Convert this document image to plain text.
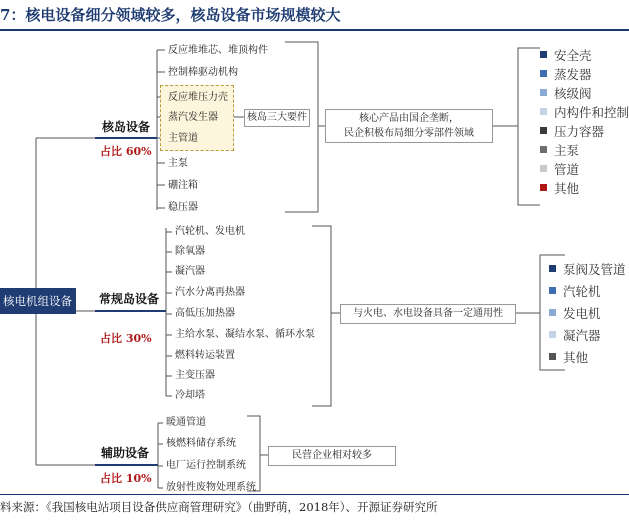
7：核电设备细分领域较多，核岛设备市场规模较大
核电机组设备
核岛设备
占比 60%
常规岛设备
占比 30%
辅助设备
占比 10%
反应堆堆芯、堆顶构件
控制棒驱动机构
反应堆压力壳
蒸汽发生器
主管道
主泵
硼注箱
稳压器
核岛三大要件	核心产品由国企垄断，
民企积极布局细分零部件领域
安全壳
蒸发器
核级阀
内构件和控制
压力容器
主泵
管道
其他
汽轮机、发电机
除氧器
凝汽器
汽水分离再热器
高低压加热器
主给水泵、凝结水泵、循环水泵
燃料转运装置
主变压器
冷却塔
与火电、水电设备具备一定通用性
泵阀及管道
汽轮机
发电机
凝汽器
其他
暖通管道
核燃料储存系统
电厂运行控制系统
放射性废物处理系统
民营企业相对较多
料来源：《我国核电站项目设备供应商管理研究》（曲野萌，2018年）、开源证券研究所
